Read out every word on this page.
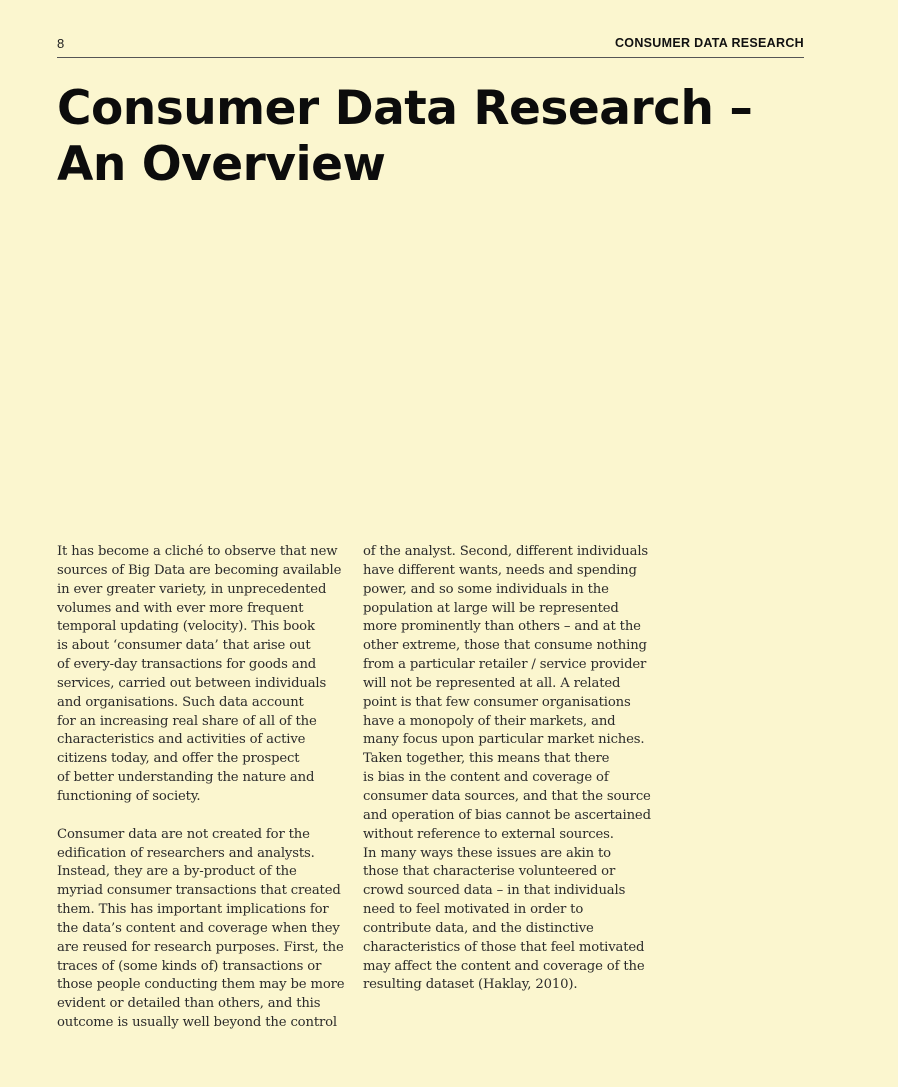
8	CONSUMER DATA RESEARCH
Consumer Data Research –
An Overview

It has become a cliché to observe that new
sources of Big Data are becoming available
in ever greater variety, in unprecedented
volumes and with ever more frequent
temporal updating (velocity). This book
is about ‘consumer data’ that arise out
of every-day transactions for goods and
services, carried out between individuals
and organisations. Such data account
for an increasing real share of all of the
characteristics and activities of active
citizens today, and offer the prospect
of better understanding the nature and
functioning of society.

Consumer data are not created for the
edification of researchers and analysts.
Instead, they are a by-product of the
myriad consumer transactions that created
them. This has important implications for
the data’s content and coverage when they
are reused for research purposes. First, the
traces of (some kinds of) transactions or
those people conducting them may be more
evident or detailed than others, and this
outcome is usually well beyond the control

of the analyst. Second, different individuals
have different wants, needs and spending
power, and so some individuals in the
population at large will be represented
more prominently than others – and at the
other extreme, those that consume nothing
from a particular retailer / service provider
will not be represented at all. A related
point is that few consumer organisations
have a monopoly of their markets, and
many focus upon particular market niches.
Taken together, this means that there
is bias in the content and coverage of
consumer data sources, and that the source
and operation of bias cannot be ascertained
without reference to external sources.
In many ways these issues are akin to
those that characterise volunteered or
crowd sourced data – in that individuals
need to feel motivated in order to
contribute data, and the distinctive
characteristics of those that feel motivated
may affect the content and coverage of the
resulting dataset (Haklay, 2010).
